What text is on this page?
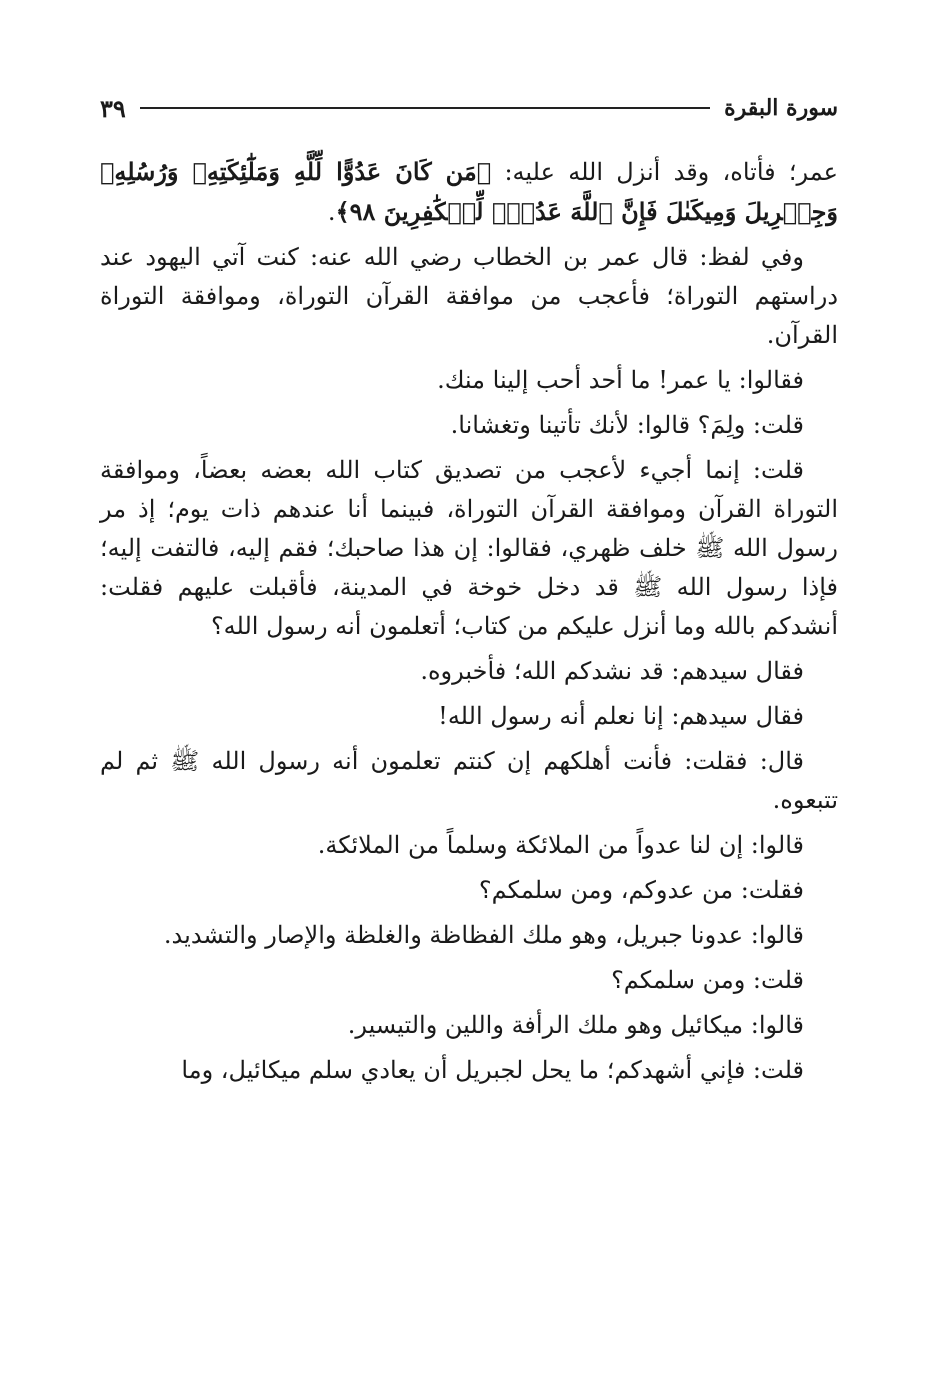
سورة البقرة
٣٩

عمر؛ فأتاه، وقد أنزل الله عليه: ﴿مَن كَانَ عَدُوًّا لِّلَّهِ وَمَلَٰٓئِكَتِهِۦ وَرُسُلِهِۦ وَجِبۡرِيلَ وَمِيكَىٰلَ فَإِنَّ ٱللَّهَ عَدُوّٞ لِّلۡكَٰفِرِينَ ٩٨﴾.

وفي لفظ: قال عمر بن الخطاب رضي الله عنه: كنت آتي اليهود عند دراستهم التوراة؛ فأعجب من موافقة القرآن التوراة، وموافقة التوراة القرآن.

فقالوا: يا عمر! ما أحد أحب إلينا منك.

قلت: ولِمَ؟ قالوا: لأنك تأتينا وتغشانا.

قلت: إنما أجيء لأعجب من تصديق كتاب الله بعضه بعضاً، وموافقة التوراة القرآن وموافقة القرآن التوراة، فبينما أنا عندهم ذات يوم؛ إذ مر رسول الله ﷺ خلف ظهري، فقالوا: إن هذا صاحبك؛ فقم إليه، فالتفت إليه؛ فإذا رسول الله ﷺ قد دخل خوخة في المدينة، فأقبلت عليهم فقلت: أنشدكم بالله وما أنزل عليكم من كتاب؛ أتعلمون أنه رسول الله؟

فقال سيدهم: قد نشدكم الله؛ فأخبروه.

فقال سيدهم: إنا نعلم أنه رسول الله!

قال: فقلت: فأنت أهلكهم إن كنتم تعلمون أنه رسول الله ﷺ ثم لم تتبعوه.

قالوا: إن لنا عدواً من الملائكة وسلماً من الملائكة.

فقلت: من عدوكم، ومن سلمكم؟

قالوا: عدونا جبريل، وهو ملك الفظاظة والغلظة والإصار والتشديد.

قلت: ومن سلمكم؟

قالوا: ميكائيل وهو ملك الرأفة واللين والتيسير.

قلت: فإني أشهدكم؛ ما يحل لجبريل أن يعادي سلم ميكائيل، وما
